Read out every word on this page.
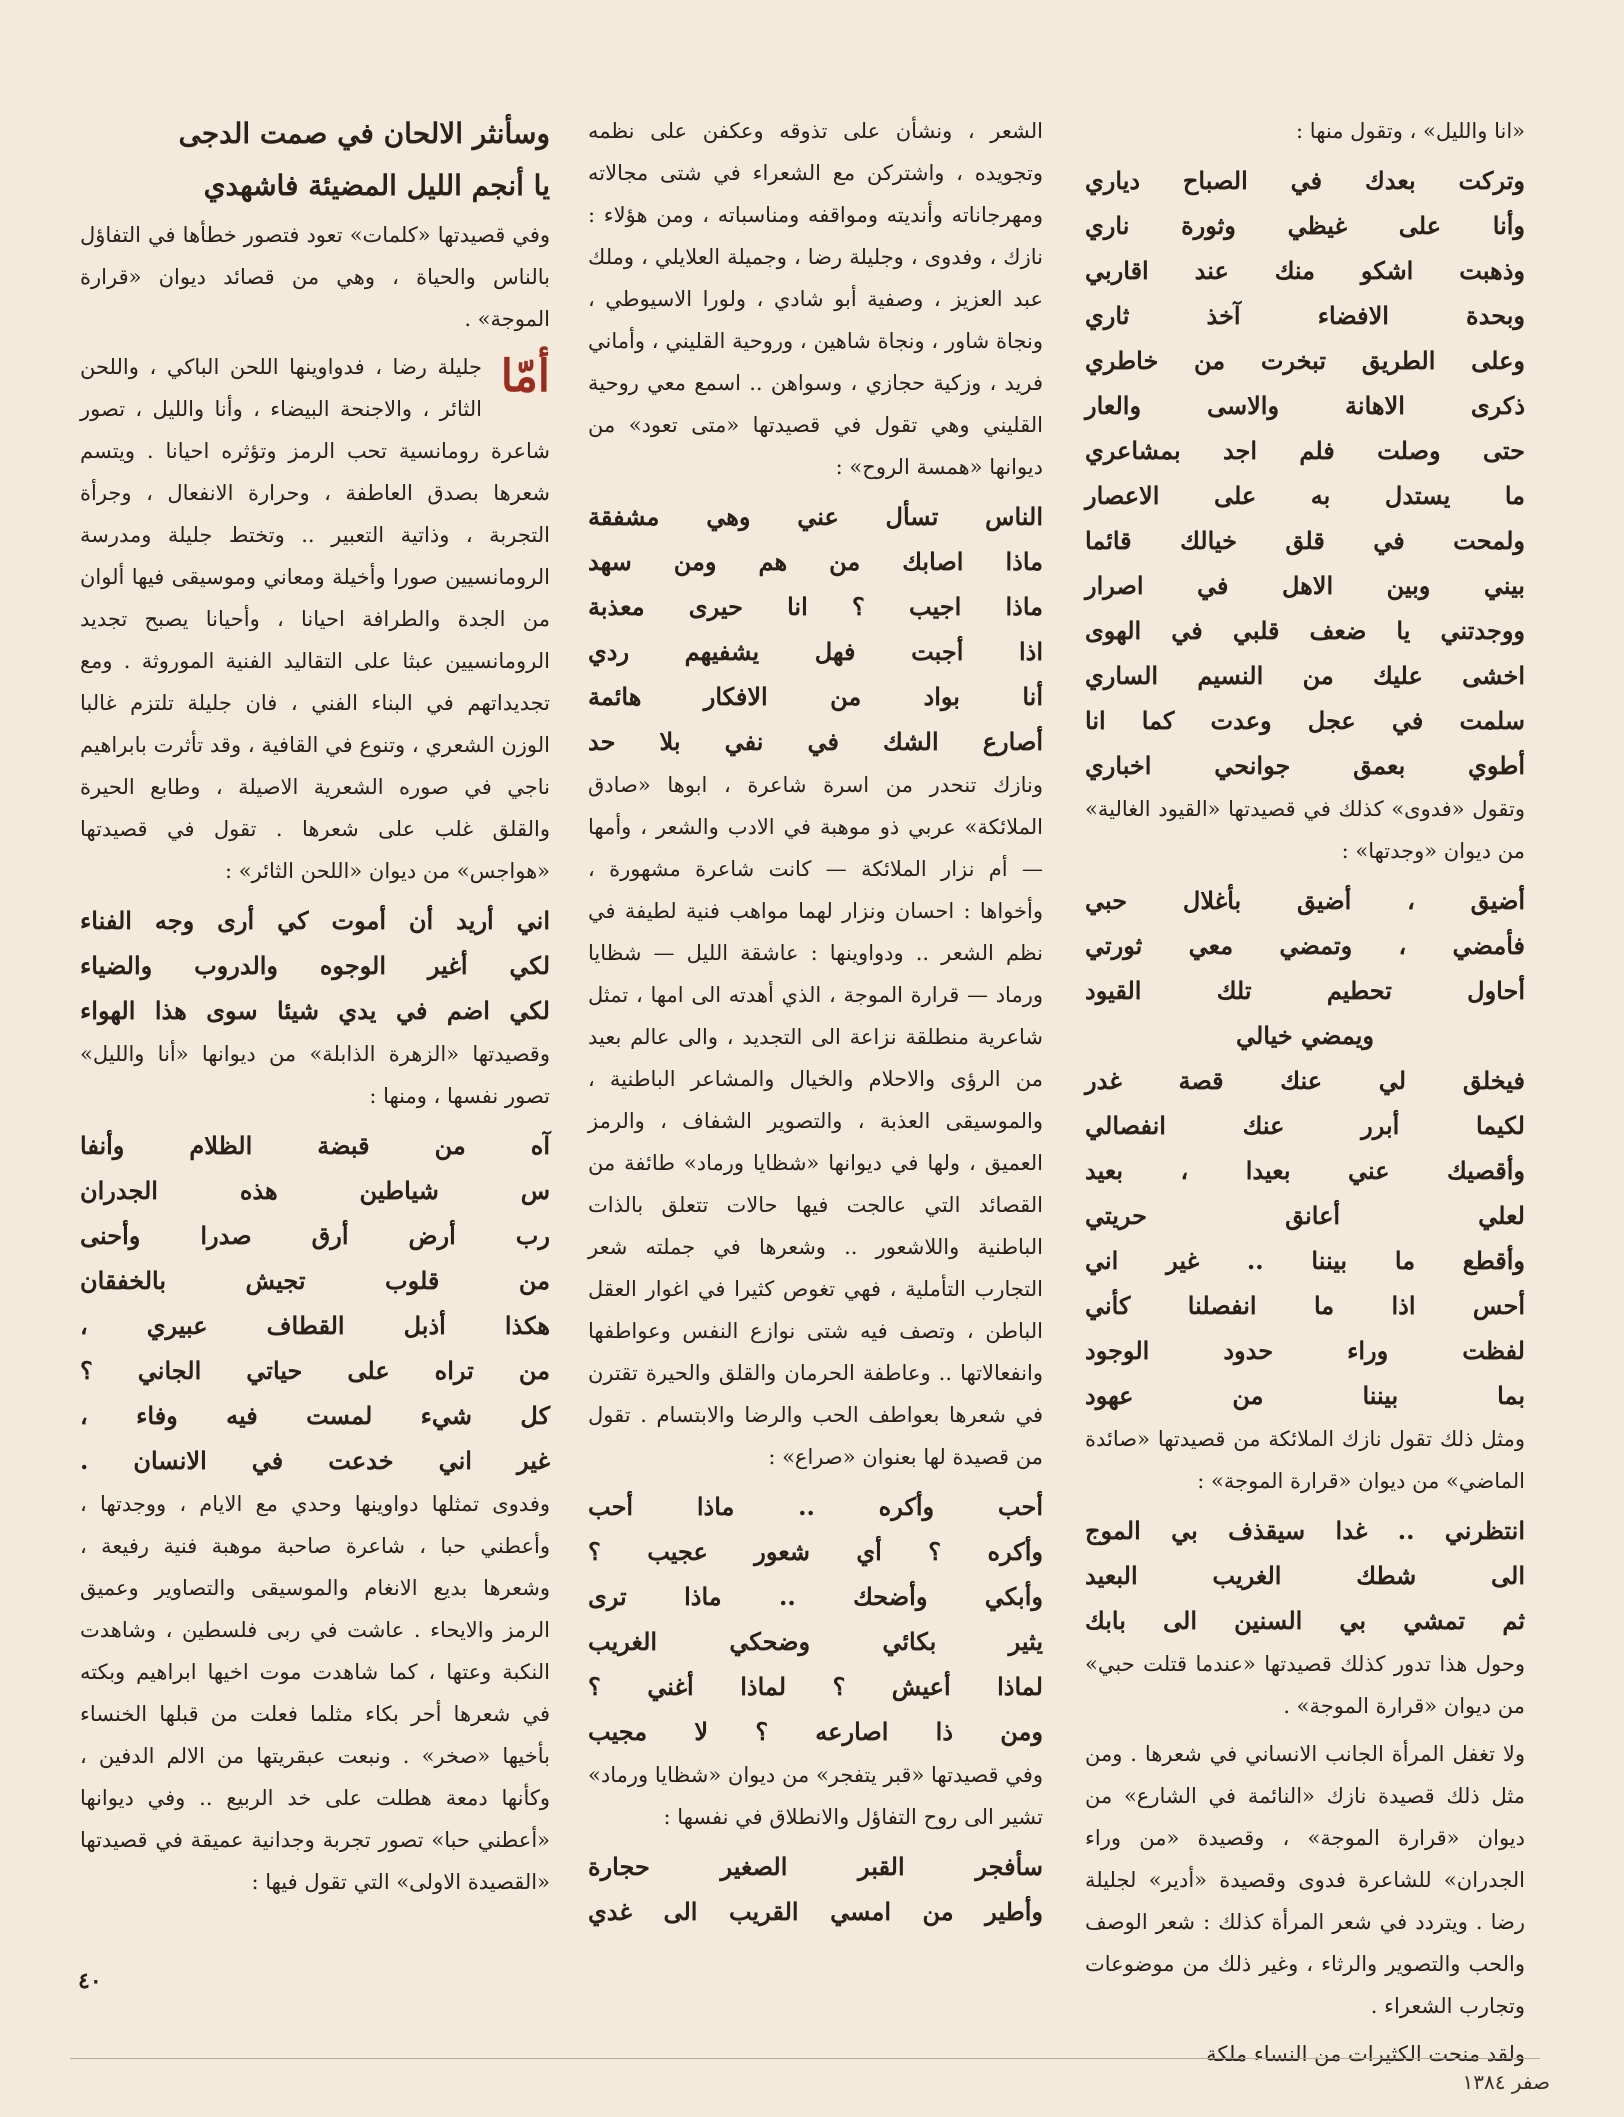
«انا والليل» ، وتقول منها :

وتركت بعدك في الصباح دياري

وأنا على غيظي وثورة ناري

وذهبت اشكو منك عند اقاربي

وبحدة الافضاء آخذ ثاري

وعلى الطريق تبخرت من خاطري

ذكرى الاهانة والاسى والعار

حتى وصلت فلم اجد بمشاعري

ما يستدل به على الاعصار

ولمحت في قلق خيالك قائما

بيني وبين الاهل في اصرار

ووجدتني يا ضعف قلبي في الهوى

اخشى عليك من النسيم الساري

سلمت في عجل وعدت كما انا

أطوي بعمق جوانحي اخباري

وتقول «فدوى» كذلك في قصيدتها «القيود الغالية» من ديوان «وجدتها» :

أضيق ، أضيق بأغلال حبي

فأمضي ، وتمضي معي ثورتي

أحاول تحطيم تلك القيود

ويمضي خيالي

فيخلق لي عنك قصة غدر

لكيما أبرر عنك انفصالي

وأقصيك عني بعيدا ، بعيد

لعلي أعانق حريتي

وأقطع ما بيننا .. غير اني

أحس اذا ما انفصلنا كأني

لفظت وراء حدود الوجود

بما بيننا من عهود

ومثل ذلك تقول نازك الملائكة من قصيدتها «صائدة الماضي» من ديوان «قرارة الموجة» :

انتظرني .. غدا سيقذف بي الموج

الى شطك الغريب البعيد

ثم تمشي بي السنين الى بابك

وحول هذا تدور كذلك قصيدتها «عندما قتلت حبي» من ديوان «قرارة الموجة» .

ولا تغفل المرأة الجانب الانساني في شعرها . ومن مثل ذلك قصيدة نازك «النائمة في الشارع» من ديوان «قرارة الموجة» ، وقصيدة «من وراء الجدران» للشاعرة فدوى وقصيدة «أدير» لجليلة رضا . ويتردد في شعر المرأة كذلك : شعر الوصف والحب والتصوير والرثاء ، وغير ذلك من موضوعات وتجارب الشعراء .

ولقد منحت الكثيرات من النساء ملكة

الشعر ، ونشأن على تذوقه وعكفن على نظمه وتجويده ، واشتركن مع الشعراء في شتى مجالاته ومهرجاناته وأنديته ومواقفه ومناسباته ، ومن هؤلاء : نازك ، وفدوى ، وجليلة رضا ، وجميلة العلايلي ، وملك عبد العزيز ، وصفية أبو شادي ، ولورا الاسيوطي ، ونجاة شاور ، ونجاة شاهين ، وروحية القليني ، وأماني فريد ، وزكية حجازي ، وسواهن .. اسمع معي روحية القليني وهي تقول في قصيدتها «متى تعود» من ديوانها «همسة الروح» :

الناس تسأل عني وهي مشفقة

ماذا اصابك من هم ومن سهد

ماذا اجيب ؟ انا حيرى معذبة

اذا أجبت فهل يشفيهم ردي

أنا بواد من الافكار هائمة

أصارع الشك في نفي بلا حد

ونازك تنحدر من اسرة شاعرة ، ابوها «صادق الملائكة» عربي ذو موهبة في الادب والشعر ، وأمها — أم نزار الملائكة — كانت شاعرة مشهورة ، وأخواها : احسان ونزار لهما مواهب فنية لطيفة في نظم الشعر .. ودواوينها : عاشقة الليل — شظايا ورماد — قرارة الموجة ، الذي أهدته الى امها ، تمثل شاعرية منطلقة نزاعة الى التجديد ، والى عالم بعيد من الرؤى والاحلام والخيال والمشاعر الباطنية ، والموسيقى العذبة ، والتصوير الشفاف ، والرمز العميق ، ولها في ديوانها «شظايا ورماد» طائفة من القصائد التي عالجت فيها حالات تتعلق بالذات الباطنية واللاشعور .. وشعرها في جملته شعر التجارب التأملية ، فهي تغوص كثيرا في اغوار العقل الباطن ، وتصف فيه شتى نوازع النفس وعواطفها وانفعالاتها .. وعاطفة الحرمان والقلق والحيرة تقترن في شعرها بعواطف الحب والرضا والابتسام . تقول من قصيدة لها بعنوان «صراع» :

أحب وأكره .. ماذا أحب

وأكره ؟ أي شعور عجيب ؟

وأبكي وأضحك .. ماذا ترى

يثير بكائي وضحكي الغريب

لماذا أعيش ؟ لماذا أغني ؟

ومن ذا اصارعه ؟ لا مجيب

وفي قصيدتها «قبر يتفجر» من ديوان «شظايا ورماد» تشير الى روح التفاؤل والانطلاق في نفسها :

سأفجر القبر الصغير حجارة

وأطير من امسي القريب الى غدي

وسأنثر الالحان في صمت الدجى

يا أنجم الليل المضيئة فاشهدي

وفي قصيدتها «كلمات» تعود فتصور خطأها في التفاؤل بالناس والحياة ، وهي من قصائد ديوان «قرارة الموجة» .

أمّا
جليلة رضا ، فدواوينها اللحن الباكي ، واللحن الثائر ، والاجنحة البيضاء ، وأنا والليل ، تصور شاعرة رومانسية تحب الرمز وتؤثره احيانا . ويتسم شعرها بصدق العاطفة ، وحرارة الانفعال ، وجرأة التجربة ، وذاتية التعبير .. وتختط جليلة ومدرسة الرومانسيين صورا وأخيلة ومعاني وموسيقى فيها ألوان من الجدة والطرافة احيانا ، وأحيانا يصبح تجديد الرومانسيين عبثا على التقاليد الفنية الموروثة . ومع تجديداتهم في البناء الفني ، فان جليلة تلتزم غالبا الوزن الشعري ، وتنوع في القافية ، وقد تأثرت بابراهيم ناجي في صوره الشعرية الاصيلة ، وطابع الحيرة والقلق غلب على شعرها . تقول في قصيدتها «هواجس» من ديوان «اللحن الثائر» :

اني أريد أن أموت كي أرى وجه الفناء

لكي أغير الوجوه والدروب والضياء

لكي اضم في يدي شيئا سوى هذا الهواء

وقصيدتها «الزهرة الذابلة» من ديوانها «أنا والليل» تصور نفسها ، ومنها :

آه من قبضة الظلام وأنفا

س شياطين هذه الجدران

رب أرض أرق صدرا وأحنى

من قلوب تجيش بالخفقان

هكذا أذبل القطاف عبيري ،

من تراه على حياتي الجاني ؟

كل شيء لمست فيه وفاء ،

غير اني خدعت في الانسان .

وفدوى تمثلها دواوينها وحدي مع الايام ، ووجدتها ، وأعطني حبا ، شاعرة صاحبة موهبة فنية رفيعة ، وشعرها بديع الانغام والموسيقى والتصاوير وعميق الرمز والايحاء . عاشت في ربى فلسطين ، وشاهدت النكبة وعتها ، كما شاهدت موت اخيها ابراهيم وبكته في شعرها أحر بكاء مثلما فعلت من قبلها الخنساء بأخيها «صخر» . ونبعت عبقريتها من الالم الدفين ، وكأنها دمعة هطلت على خد الربيع .. وفي ديوانها «أعطني حبا» تصور تجربة وجدانية عميقة في قصيدتها «القصيدة الاولى» التي تقول فيها :

٤٠
صفر ١٣٨٤
